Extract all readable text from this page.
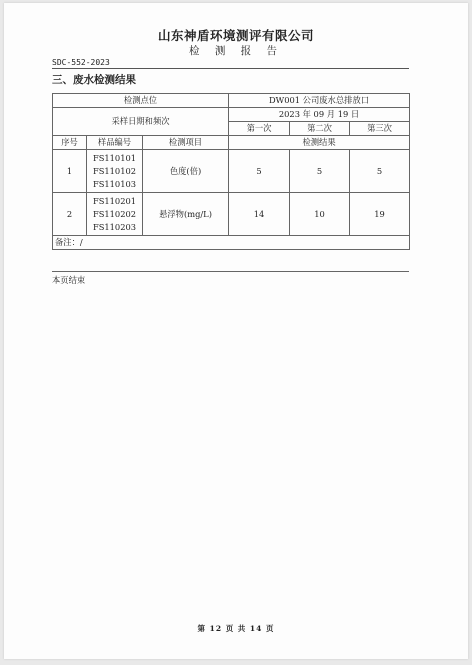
山东神盾环境测评有限公司
检 测 报 告
SDC-552-2023
三、废水检测结果
检测点位			DW001 公司废水总排放口		
采样日期和频次			2023 年 09 月 19 日		
			第一次	第二次	第三次
序号	样品编号	检测项目	检测结果		
1	FS110101
FS110102
FS110103	色度(倍)	5	5	5
2	FS110201
FS110202
FS110203	悬浮物(mg/L)	14	10	19
备注：/					
本页结束
第 12 页 共 14 页
